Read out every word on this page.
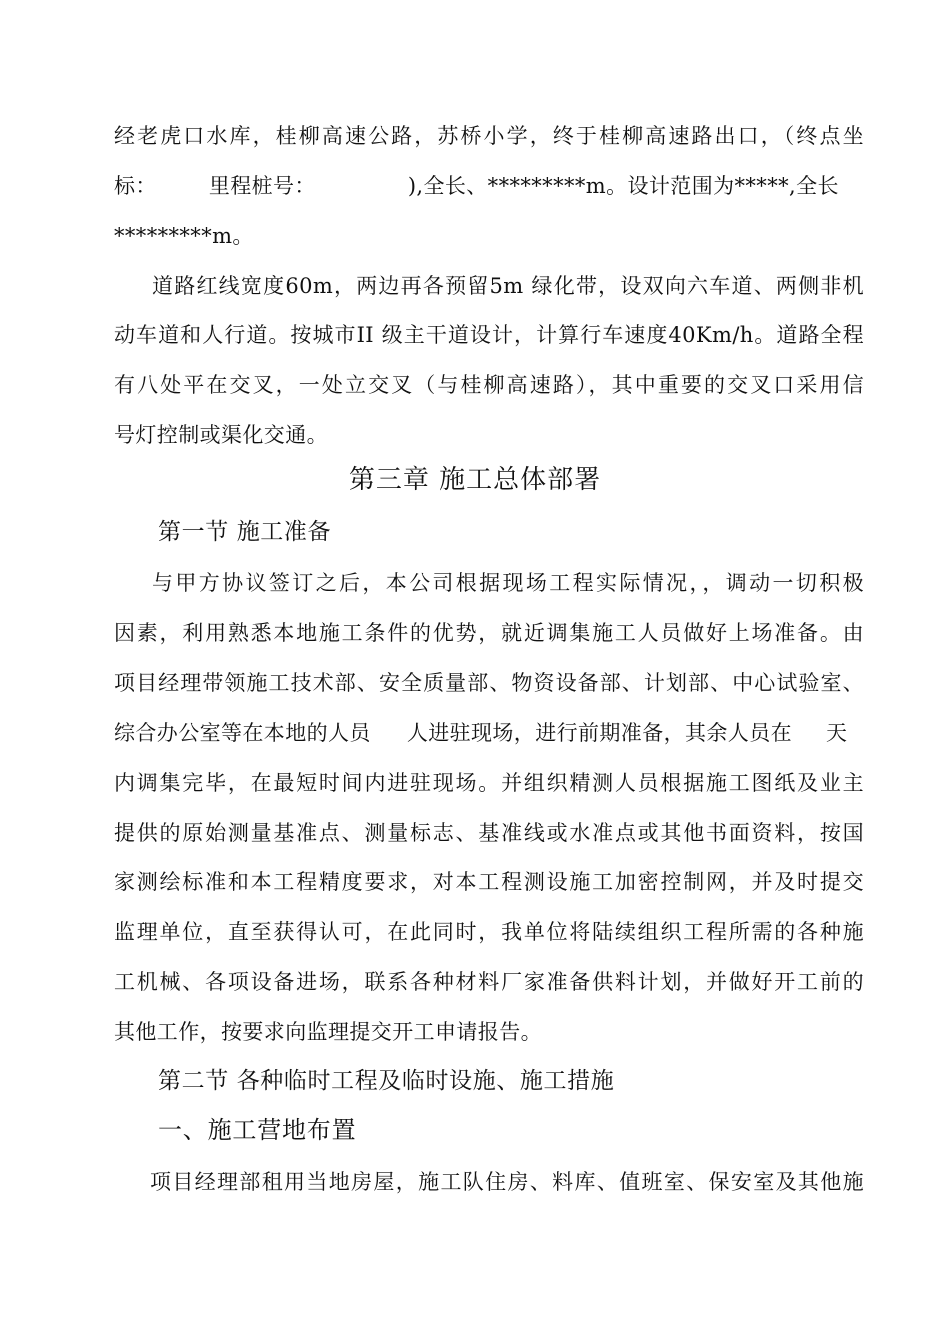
经老虎口水库，桂柳高速公路，苏桥小学，终于桂柳高速路出口，（终点坐
标： 里程桩号：	),全长、*********m。设计范围为*****,全长
*********m。
道路红线宽度60m，两边再各预留5m 绿化带，设双向六车道、两侧非机
动车道和人行道。按城市II 级主干道设计，计算行车速度40Km/h。道路全程
有八处平在交叉，一处立交叉（与桂柳高速路），其中重要的交叉口采用信
号灯控制或渠化交通。
第三章 施工总体部署
第一节 施工准备
与甲方协议签订之后，本公司根据现场工程实际情况，，调动一切积极
因素，利用熟悉本地施工条件的优势，就近调集施工人员做好上场准备。由
项目经理带领施工技术部、安全质量部、物资设备部、计划部、中心试验室、
综合办公室等在本地的人员 人进驻现场，进行前期准备，其余人员在 天
内调集完毕，在最短时间内进驻现场。并组织精测人员根据施工图纸及业主
提供的原始测量基准点、测量标志、基准线或水准点或其他书面资料，按国
家测绘标准和本工程精度要求，对本工程测设施工加密控制网，并及时提交
监理单位，直至获得认可，在此同时，我单位将陆续组织工程所需的各种施
工机械、各项设备进场，联系各种材料厂家准备供料计划，并做好开工前的
其他工作，按要求向监理提交开工申请报告。
第二节 各种临时工程及临时设施、施工措施
一、施工营地布置
项目经理部租用当地房屋，施工队住房、料库、值班室、保安室及其他施
